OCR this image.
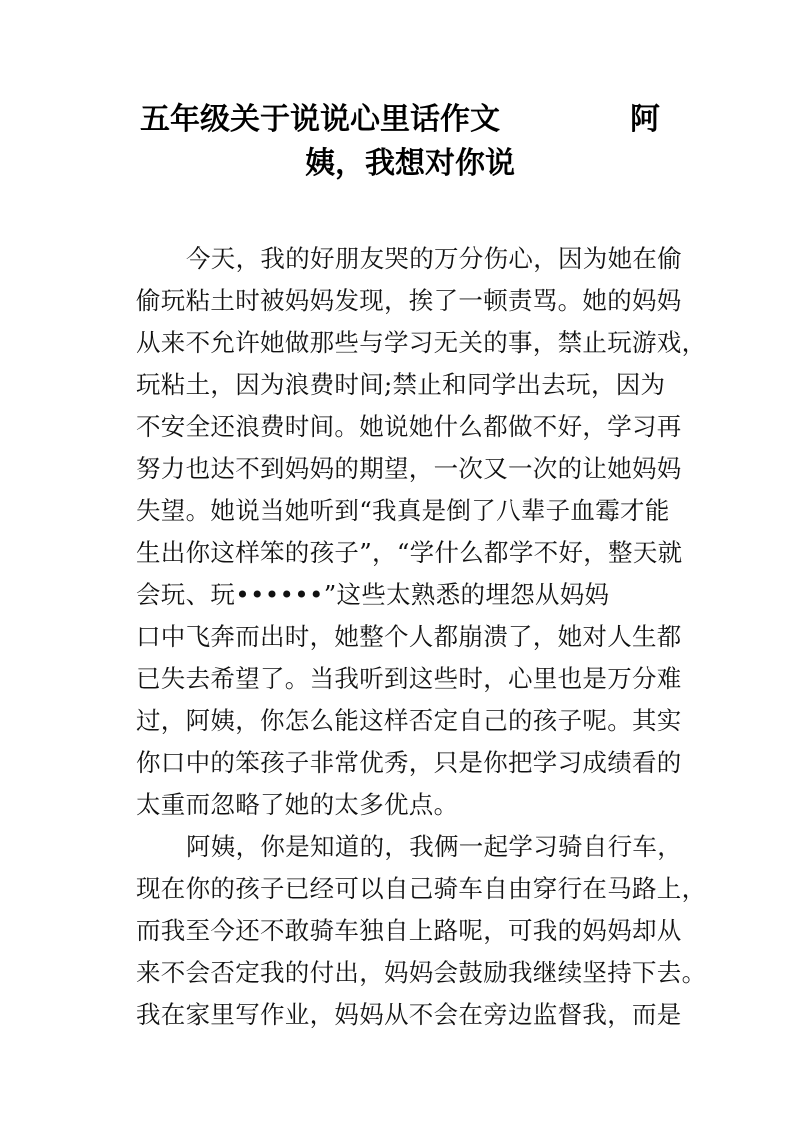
五年级关于说说心里话作文	阿
姨，我想对你说
今天，我的好朋友哭的万分伤心，因为她在偷
偷玩粘土时被妈妈发现，挨了一顿责骂。她的妈妈
从来不允许她做那些与学习无关的事，禁止玩游戏，
玩粘土，因为浪费时间;禁止和同学出去玩，因为
不安全还浪费时间。她说她什么都做不好，学习再
努力也达不到妈妈的期望，一次又一次的让她妈妈
失望。她说当她听到“我真是倒了八辈子血霉才能
生出你这样笨的孩子”，“学什么都学不好，整天就
会玩、玩••••••”这些太熟悉的埋怨从妈妈
口中飞奔而出时，她整个人都崩溃了，她对人生都
已失去希望了。当我听到这些时，心里也是万分难
过，阿姨，你怎么能这样否定自己的孩子呢。其实
你口中的笨孩子非常优秀，只是你把学习成绩看的
太重而忽略了她的太多优点。
阿姨，你是知道的，我俩一起学习骑自行车，
现在你的孩子已经可以自己骑车自由穿行在马路上，
而我至今还不敢骑车独自上路呢，可我的妈妈却从
来不会否定我的付出，妈妈会鼓励我继续坚持下去。
我在家里写作业，妈妈从不会在旁边监督我，而是
